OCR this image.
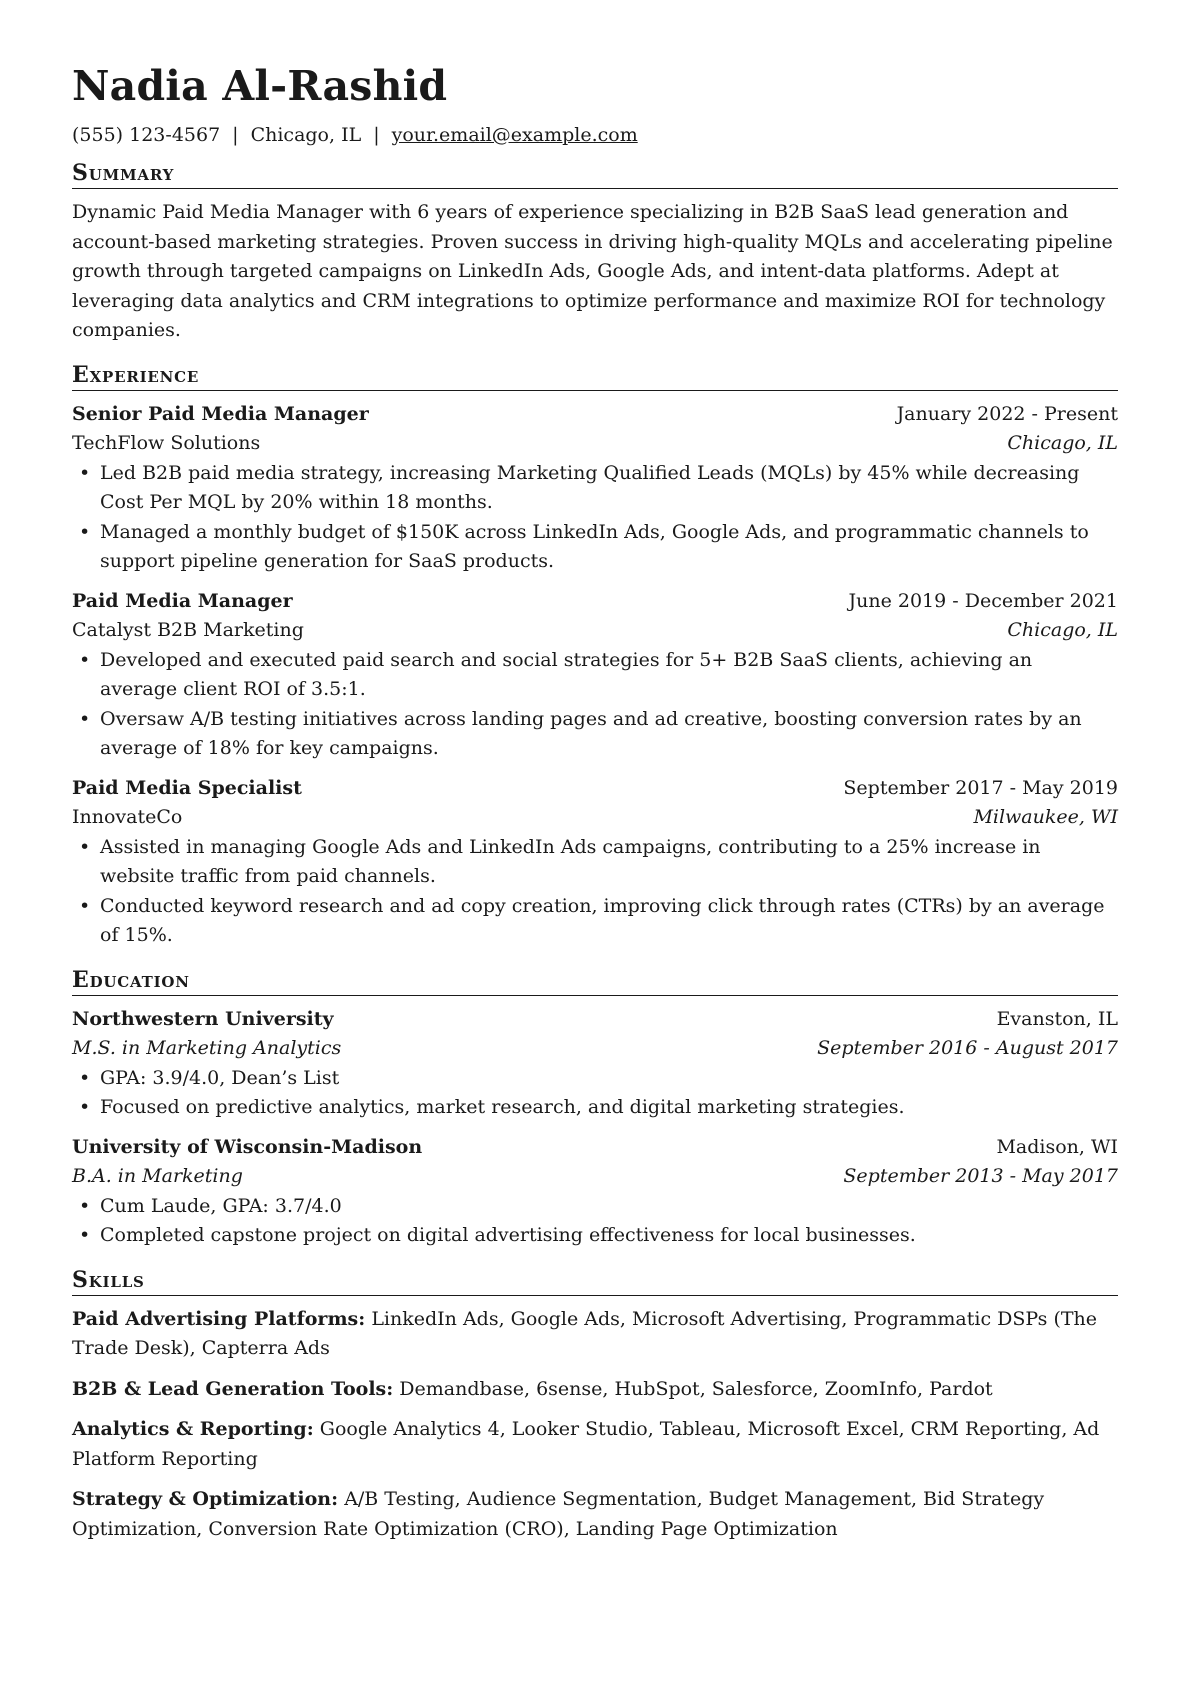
Nadia Al-Rashid
(555) 123-4567 | Chicago, IL | your.email@example.com
Summary

Dynamic Paid Media Manager with 6 years of experience specializing in B2B SaaS lead generation and account-based marketing strategies. Proven success in driving high-quality MQLs and accelerating pipeline growth through targeted campaigns on LinkedIn Ads, Google Ads, and intent-data platforms. Adept at leveraging data analytics and CRM integrations to optimize performance and maximize ROI for technology companies.

Experience
Senior Paid Media Manager	January 2022 - Present
TechFlow Solutions	Chicago, IL
• Led B2B paid media strategy, increasing Marketing Qualified Leads (MQLs) by 45% while decreasing Cost Per MQL by 20% within 18 months.
• Managed a monthly budget of $150K across LinkedIn Ads, Google Ads, and programmatic channels to support pipeline generation for SaaS products.
Paid Media Manager	June 2019 - December 2021
Catalyst B2B Marketing	Chicago, IL
• Developed and executed paid search and social strategies for 5+ B2B SaaS clients, achieving an average client ROI of 3.5:1.
• Oversaw A/B testing initiatives across landing pages and ad creative, boosting conversion rates by an average of 18% for key campaigns.
Paid Media Specialist	September 2017 - May 2019
InnovateCo	Milwaukee, WI
• Assisted in managing Google Ads and LinkedIn Ads campaigns, contributing to a 25% increase in website traffic from paid channels.
• Conducted keyword research and ad copy creation, improving click through rates (CTRs) by an average of 15%.
Education
Northwestern University	Evanston, IL
M.S. in Marketing Analytics	September 2016 - August 2017
• GPA: 3.9/4.0, Dean’s List
• Focused on predictive analytics, market research, and digital marketing strategies.
University of Wisconsin-Madison	Madison, WI
B.A. in Marketing	September 2013 - May 2017
• Cum Laude, GPA: 3.7/4.0
• Completed capstone project on digital advertising effectiveness for local businesses.
Skills

Paid Advertising Platforms: LinkedIn Ads, Google Ads, Microsoft Advertising, Programmatic DSPs (The Trade Desk), Capterra Ads

B2B & Lead Generation Tools: Demandbase, 6sense, HubSpot, Salesforce, ZoomInfo, Pardot

Analytics & Reporting: Google Analytics 4, Looker Studio, Tableau, Microsoft Excel, CRM Reporting, Ad Platform Reporting

Strategy & Optimization: A/B Testing, Audience Segmentation, Budget Management, Bid Strategy Optimization, Conversion Rate Optimization (CRO), Landing Page Optimization
